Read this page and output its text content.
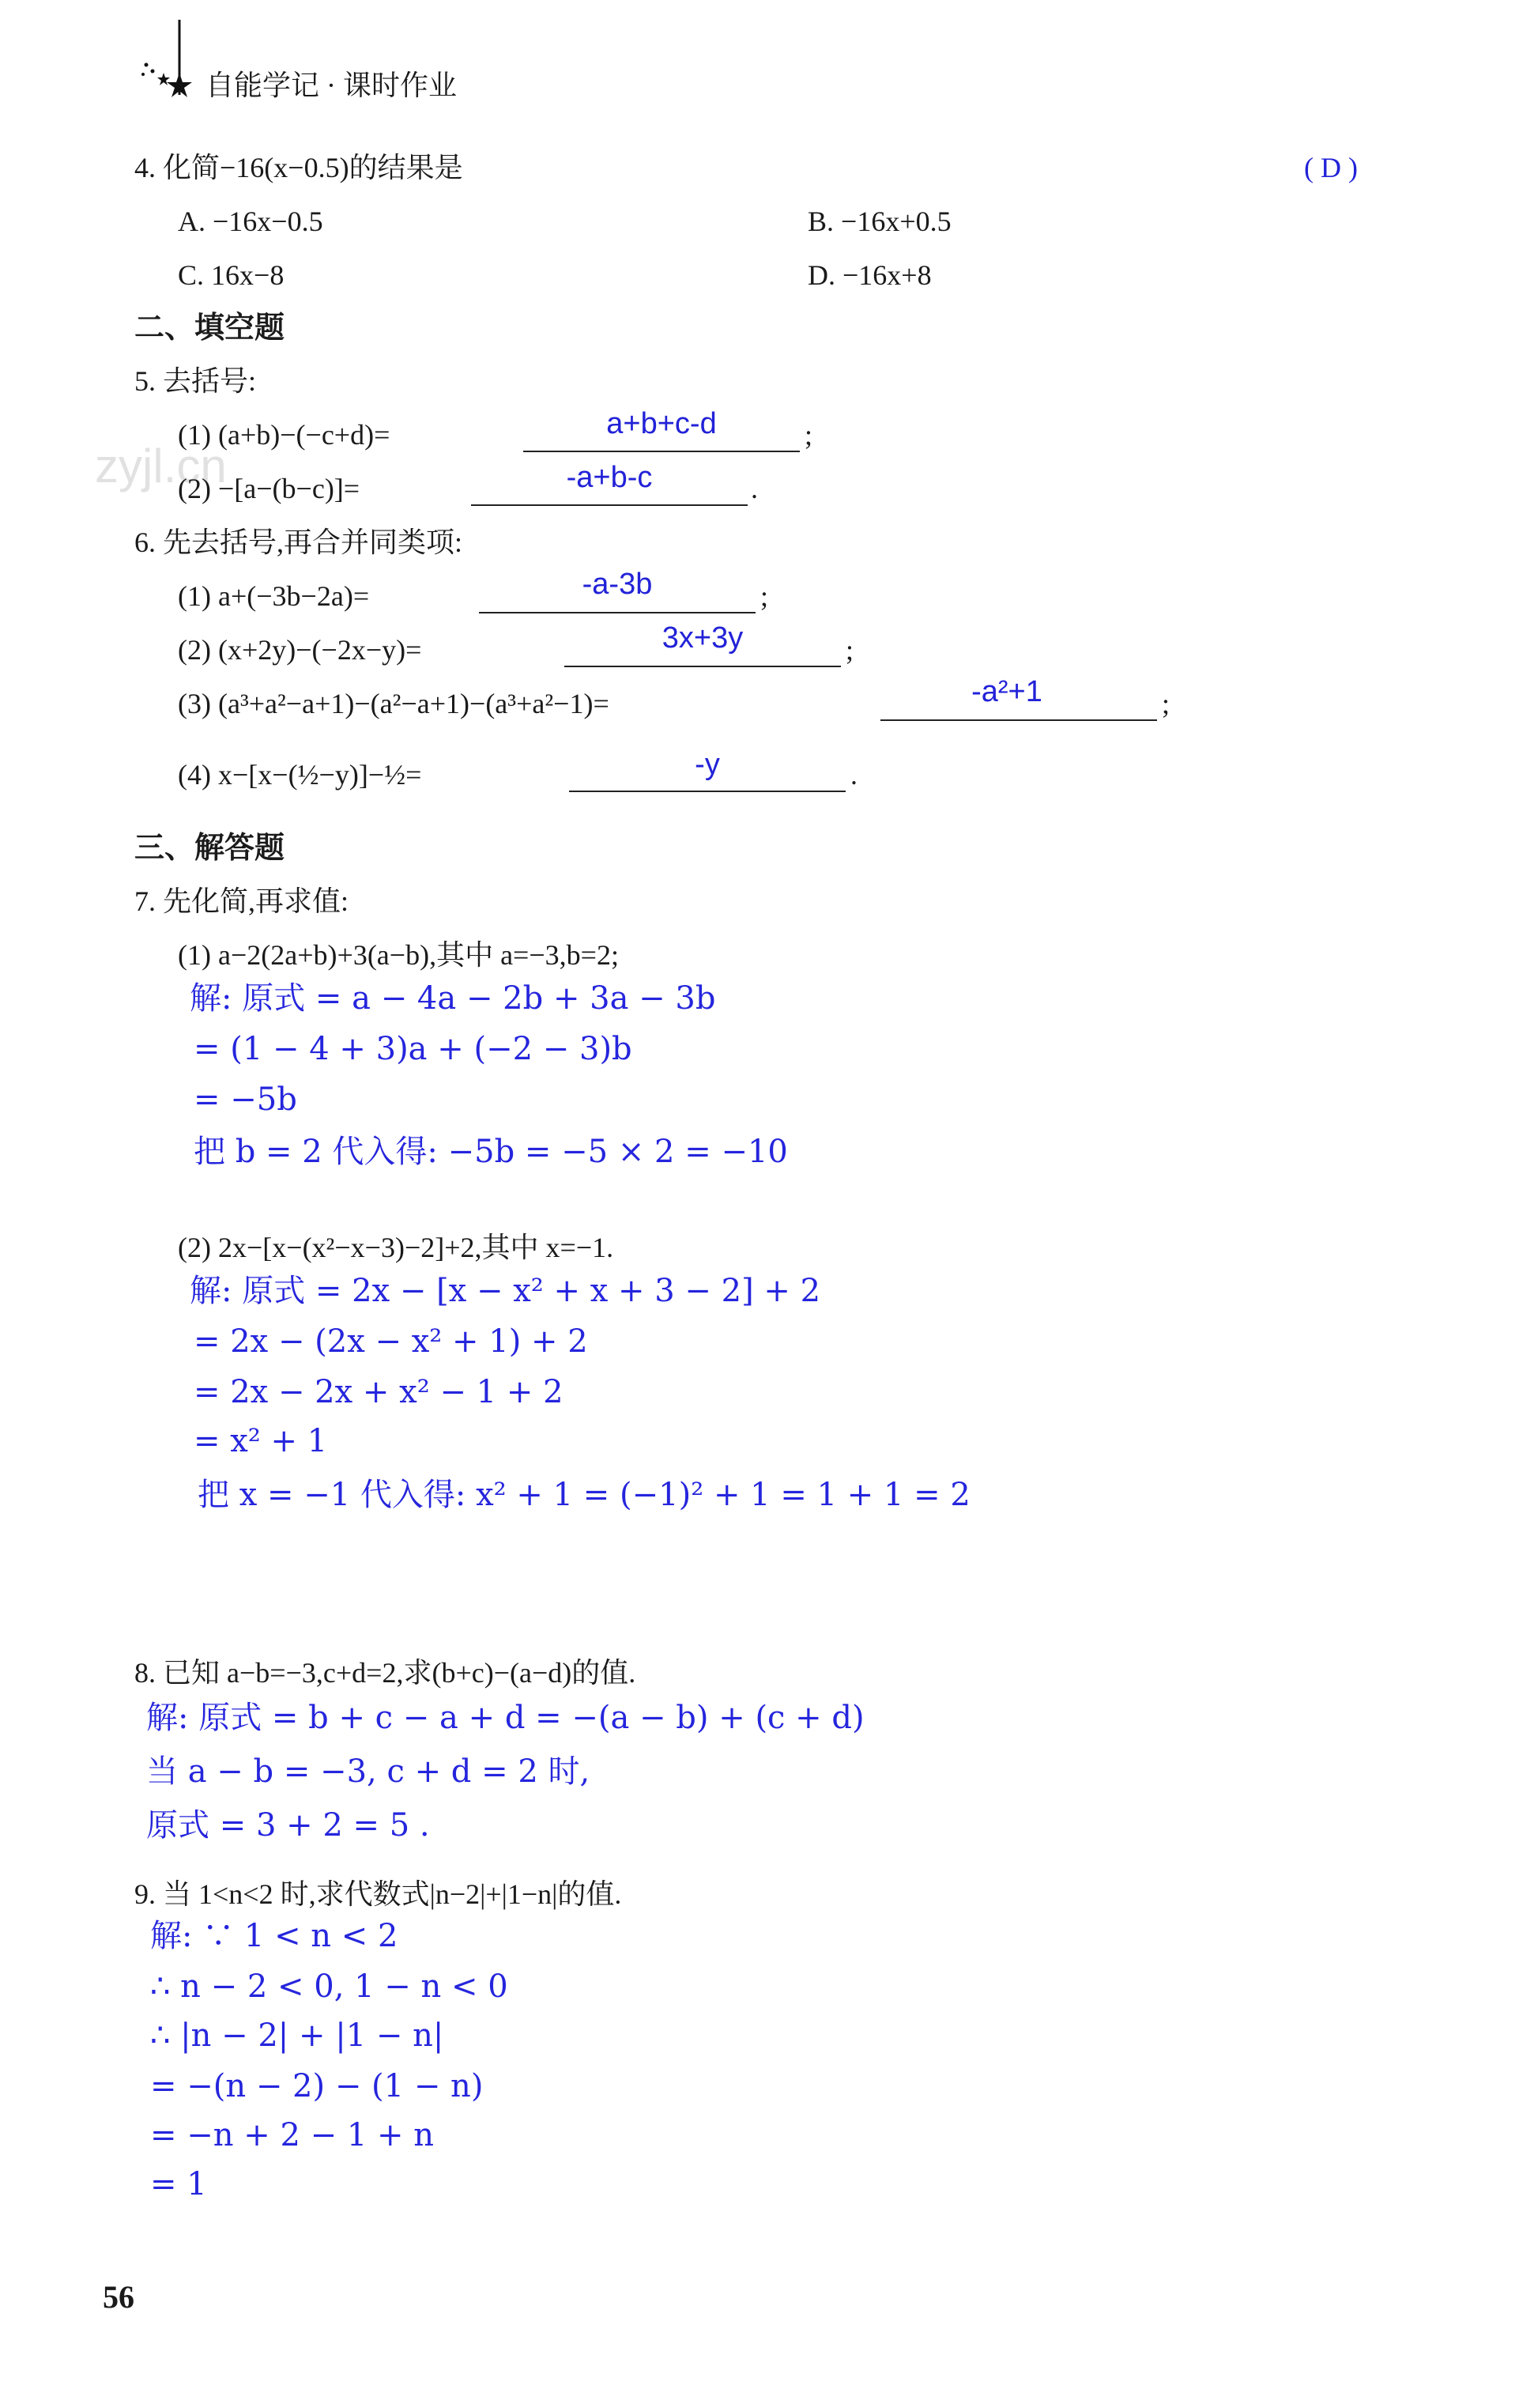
自能学记 · 课时作业
zyjl.cn
4. 化简−16(x−0.5)的结果是	( D )
A. −16x−0.5	B. −16x+0.5
C. 16x−8	D. −16x+8
二、填空题
5. 去括号:
(1) (a+b)−(−c+d)=	a+b+c-d	;
(2) −[a−(b−c)]=	-a+b-c	.
6. 先去括号,再合并同类项:
(1) a+(−3b−2a)=	-a-3b	;
(2) (x+2y)−(−2x−y)=	3x+3y	;
(3) (a³+a²−a+1)−(a²−a+1)−(a³+a²−1)=	-a²+1	;
(4) x−[x−(½−y)]−½=	-y	.
三、解答题
7. 先化简,再求值:
(1) a−2(2a+b)+3(a−b),其中 a=−3,b=2;
解: 原式 = a − 4a − 2b + 3a − 3b
= (1 − 4 + 3)a + (−2 − 3)b
= −5b
把 b = 2 代入得: −5b = −5 × 2 = −10
(2) 2x−[x−(x²−x−3)−2]+2,其中 x=−1.
解: 原式 = 2x − [x − x² + x + 3 − 2] + 2
= 2x − (2x − x² + 1) + 2
= 2x − 2x + x² − 1 + 2
= x² + 1
把 x = −1 代入得: x² + 1 = (−1)² + 1 = 1 + 1 = 2
8. 已知 a−b=−3,c+d=2,求(b+c)−(a−d)的值.
解: 原式 = b + c − a + d = −(a − b) + (c + d)
当 a − b = −3, c + d = 2 时,
原式 = 3 + 2 = 5 .
9. 当 1<n<2 时,求代数式|n−2|+|1−n|的值.
解: ∵ 1 < n < 2
∴ n − 2 < 0, 1 − n < 0
∴ |n − 2| + |1 − n|
= −(n − 2) − (1 − n)
= −n + 2 − 1 + n
= 1
56
